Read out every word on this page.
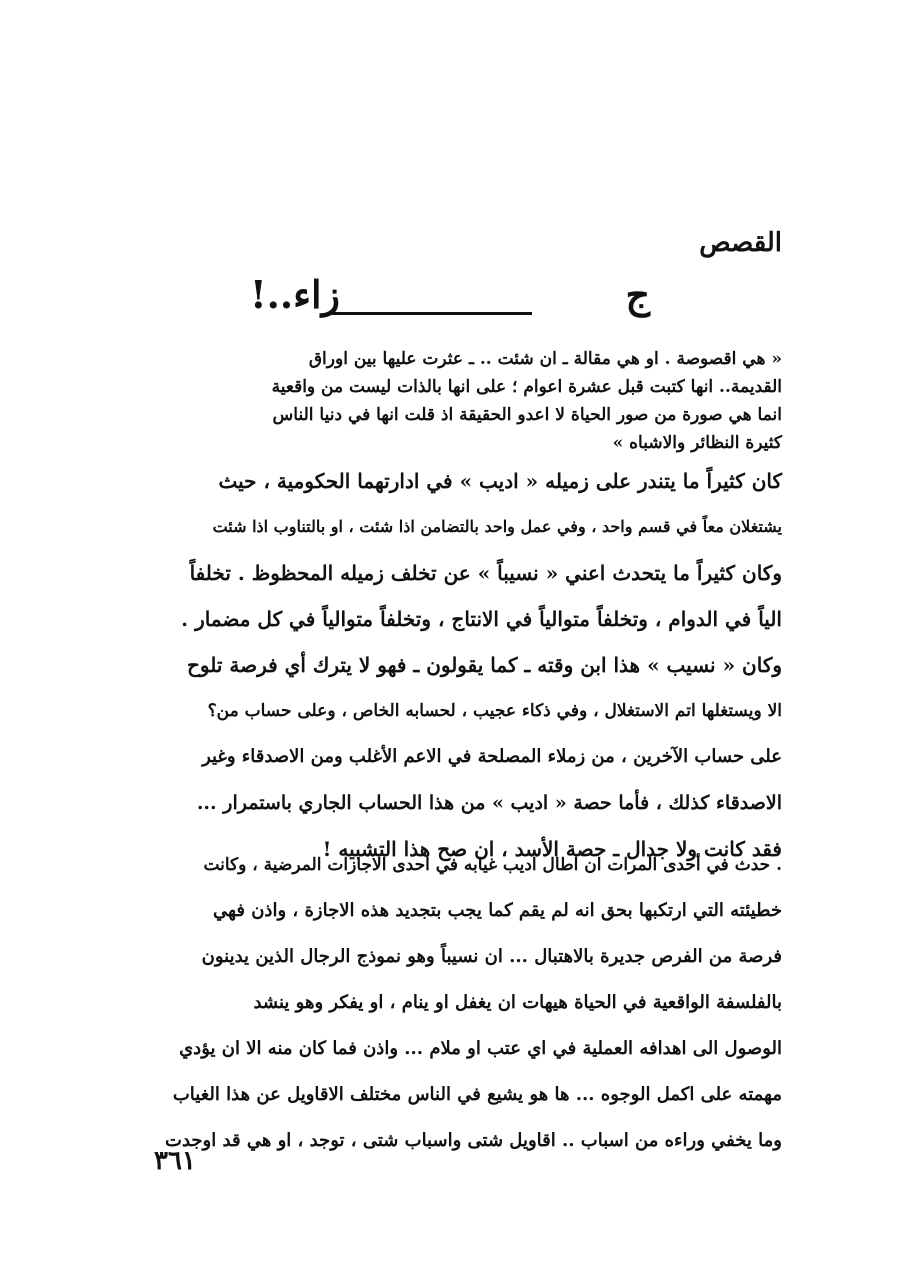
القصص
ج
زاء..!

« هي اقصوصة . او هي مقالة ـ ان شئت .. ـ عثرت عليها بين اوراق

القديمة.. انها كتبت قبل عشرة اعوام ؛ على انها بالذات ليست من واقعية

انما هي صورة من صور الحياة لا اعدو الحقيقة اذ قلت انها في دنيا الناس

كثيرة النظائر والاشباه »

كان كثيراً ما يتندر على زميله « اديب » في ادارتهما الحكومية ، حيث

يشتغلان معاً في قسم واحد ، وفي عمل واحد بالتضامن اذا شئت ، او بالتناوب اذا شئت

وكان كثيراً ما يتحدث اعني « نسيباً » عن تخلف زميله المحظوظ . تخلفاً

الياً في الدوام ، وتخلفاً متوالياً في الانتاج ، وتخلفاً متوالياً في كل مضمار .

وكان « نسيب » هذا ابن وقته ـ كما يقولون ـ فهو لا يترك أي فرصة تلوح

الا ويستغلها اتم الاستغلال ، وفي ذكاء عجيب ، لحسابه الخاص ، وعلى حساب من؟

على حساب الآخرين ، من زملاء المصلحة في الاعم الأغلب ومن الاصدقاء وغير

الاصدقاء كذلك ، فأما حصة « اديب » من هذا الحساب الجاري باستمرار ...

فقد كانت ولا جدال ـ حصة الأسد ، ان صح هذا التشبيه !

. حدث في أحدى المرات ان اطال اديب غيابه في احدى الاجازات المرضية ، وكانت

خطيئته التي ارتكبها بحق انه لم يقم كما يجب بتجديد هذه الاجازة ، واذن فهي

فرصة من الفرص جديرة بالاهتبال ... ان نسيباً وهو نموذج الرجال الذين يدينون

بالفلسفة الواقعية في الحياة هيهات ان يغفل او ينام ، او يفكر وهو ينشد

الوصول الى اهدافه العملية في اي عتب او ملام ... واذن فما كان منه الا ان يؤدي

مهمته على اكمل الوجوه ... ها هو يشيع في الناس مختلف الاقاويل عن هذا الغياب

وما يخفي وراءه من اسباب .. اقاويل شتى واسباب شتى ، توجد ، او هي قد اوجدت

٣٦١
